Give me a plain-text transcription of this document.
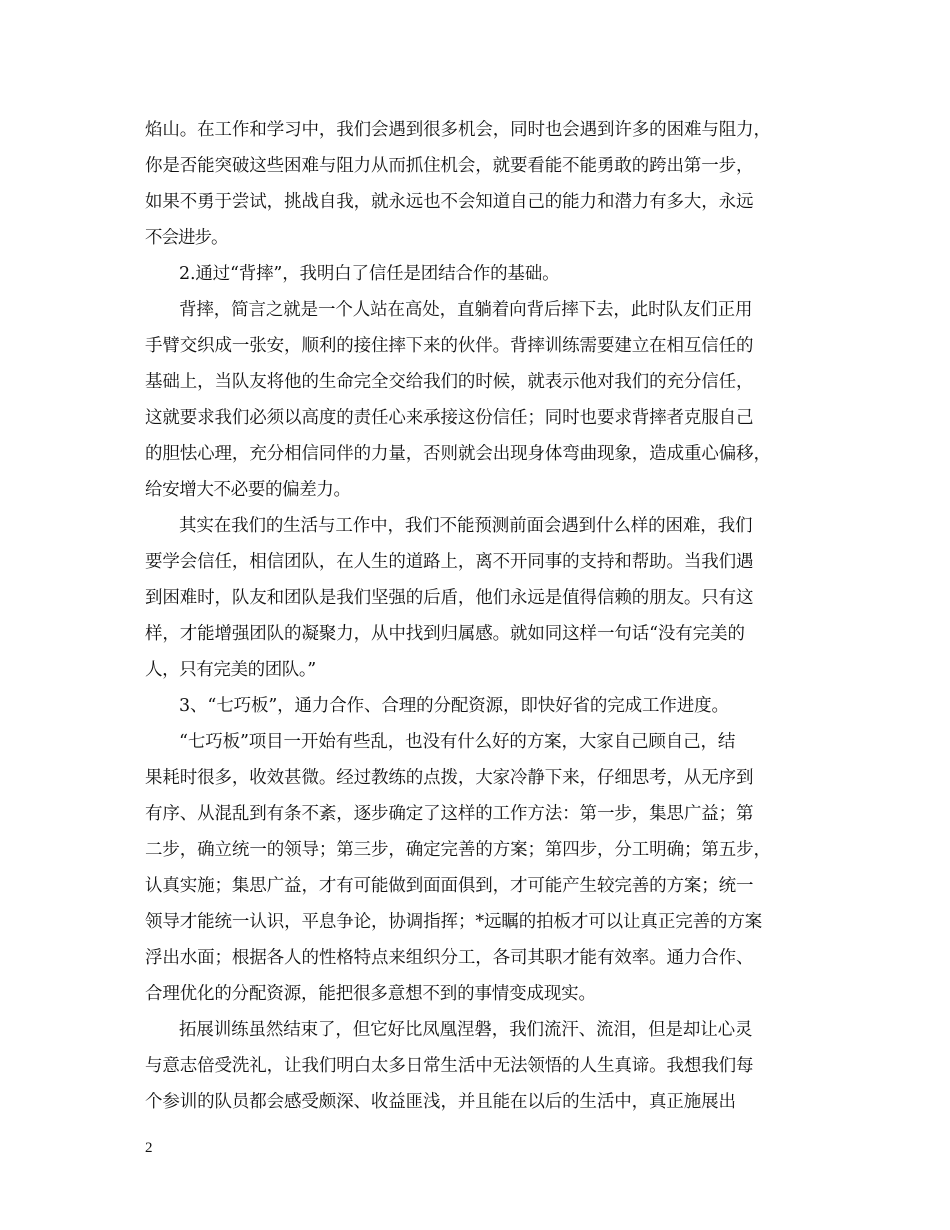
焰山。在工作和学习中，我们会遇到很多机会，同时也会遇到许多的困难与阻力，

你是否能突破这些困难与阻力从而抓住机会，就要看能不能勇敢的跨出第一步，

如果不勇于尝试，挑战自我，就永远也不会知道自己的能力和潜力有多大，永远

不会进步。

2.通过“背摔”，我明白了信任是团结合作的基础。

背摔，简言之就是一个人站在高处，直躺着向背后摔下去，此时队友们正用

手臂交织成一张安，顺利的接住摔下来的伙伴。背摔训练需要建立在相互信任的

基础上，当队友将他的生命完全交给我们的时候，就表示他对我们的充分信任，

这就要求我们必须以高度的责任心来承接这份信任；同时也要求背摔者克服自己

的胆怯心理，充分相信同伴的力量，否则就会出现身体弯曲现象，造成重心偏移，

给安增大不必要的偏差力。

其实在我们的生活与工作中，我们不能预测前面会遇到什么样的困难，我们

要学会信任，相信团队，在人生的道路上，离不开同事的支持和帮助。当我们遇

到困难时，队友和团队是我们坚强的后盾，他们永远是值得信赖的朋友。只有这

样，才能增强团队的凝聚力，从中找到归属感。就如同这样一句话“没有完美的

人，只有完美的团队。”

3、“七巧板”，通力合作、合理的分配资源，即快好省的完成工作进度。

“七巧板”项目一开始有些乱，也没有什么好的方案，大家自己顾自己，结

果耗时很多，收效甚微。经过教练的点拨，大家冷静下来，仔细思考，从无序到

有序、从混乱到有条不紊，逐步确定了这样的工作方法：第一步，集思广益；第

二步，确立统一的领导；第三步，确定完善的方案；第四步，分工明确；第五步，

认真实施；集思广益，才有可能做到面面俱到，才可能产生较完善的方案；统一

领导才能统一认识，平息争论，协调指挥；*远瞩的拍板才可以让真正完善的方案

浮出水面；根据各人的性格特点来组织分工，各司其职才能有效率。通力合作、

合理优化的分配资源，能把很多意想不到的事情变成现实。

拓展训练虽然结束了，但它好比凤凰涅磐，我们流汗、流泪，但是却让心灵

与意志倍受洗礼，让我们明白太多日常生活中无法领悟的人生真谛。我想我们每

个参训的队员都会感受颇深、收益匪浅，并且能在以后的生活中，真正施展出

2
